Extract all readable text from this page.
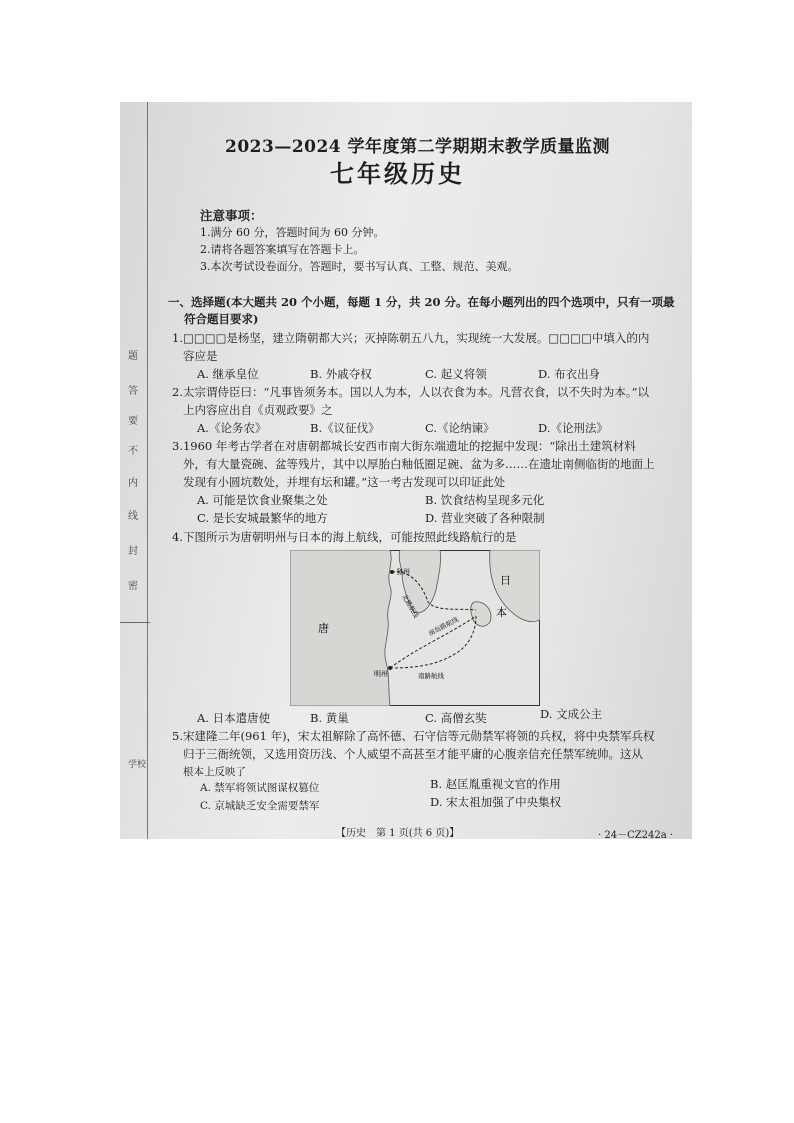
题
答
要
不
内
线
封
密
学校
2023—2024 学年度第二学期期末教学质量监测
七年级历史
注意事项：
1.满分 60 分，答题时间为 60 分钟。
2.请将各题答案填写在答题卡上。
3.本次考试设卷面分。答题时，要书写认真、工整、规范、美观。
一、选择题(本大题共 20 个小题，每题 1 分，共 20 分。在每小题列出的四个选项中，只有一项最
符合题目要求)
1.□□□□是杨坚，建立隋朝都大兴；灭掉陈朝五八九，实现统一大发展。□□□□中填入的内
容应是
A. 继承皇位	B. 外戚夺权	C. 起义将领	D. 布衣出身
2.太宗谓侍臣曰：“凡事皆须务本。国以人为本，人以衣食为本。凡营衣食，以不失时为本。”以
上内容应出自《贞观政要》之
A.《论务农》	B.《议征伐》	C.《论纳谏》	D.《论刑法》
3.1960 年考古学者在对唐朝都城长安西市南大街东端遗址的挖掘中发现：“除出土建筑材料
外，有大量瓷碗、盆等残片，其中以厚胎白釉低圈足碗、盆为多……在遗址南侧临街的地面上
发现有小圆坑数处，并埋有坛和罐。”这一考古发现可以印证此处
A. 可能是饮食业聚集之处	B. 饮食结构呈现多元化
C. 是长安城最繁华的地方	D. 营业突破了各种限制
4.下图所示为唐朝明州与日本的海上航线，可能按照此线路航行的是
唐
日
本
登州
明州
北路航线
南岛路航线
南路航线
A. 日本遣唐使	B. 黄巢	C. 高僧玄奘	D. 文成公主
5.宋建隆二年(961 年)，宋太祖解除了高怀德、石守信等元勋禁军将领的兵权，将中央禁军兵权
归于三衙统领，又选用资历浅、个人威望不高甚至才能平庸的心腹亲信充任禁军统帅。这从
根本上反映了
A. 禁军将领试图谋权篡位	B. 赵匡胤重视文官的作用
C. 京城缺乏安全需要禁军	D. 宋太祖加强了中央集权
【历史　第 1 页(共 6 页)】	· 24－CZ242a ·
